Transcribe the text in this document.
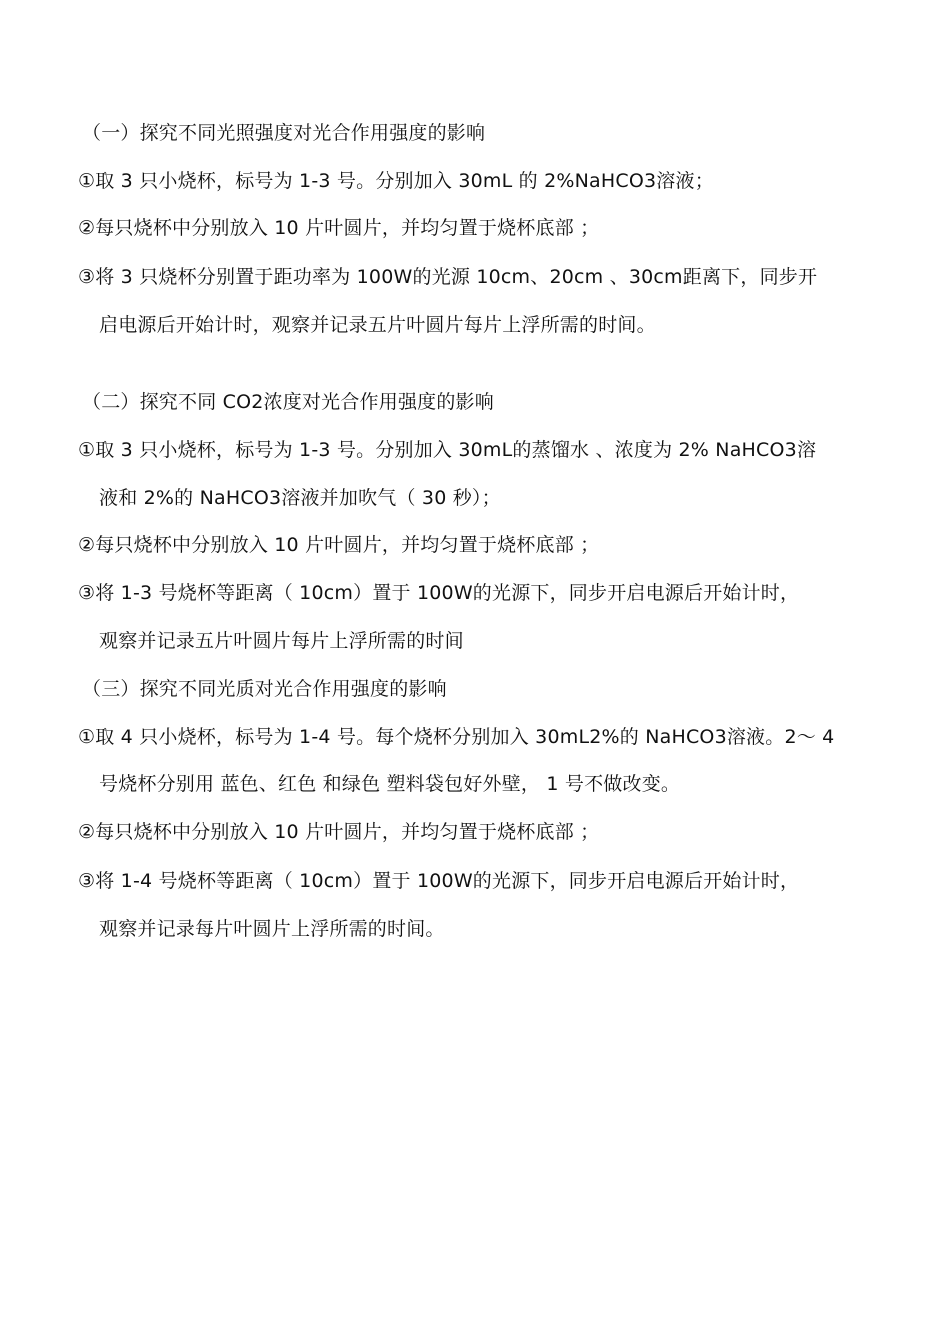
（一）探究不同光照强度对光合作用强度的影响
①取 3 只小烧杯，标号为 1-3 号。分别加入 30mL 的 2%NaHCO3溶液；
②每只烧杯中分别放入 10 片叶圆片，并均匀置于烧杯底部 ；
③将 3 只烧杯分别置于距功率为 100W的光源 10cm、20cm 、30cm距离下，同步开
启电源后开始计时，观察并记录五片叶圆片每片上浮所需的时间。
（二）探究不同 CO2浓度对光合作用强度的影响
①取 3 只小烧杯，标号为 1-3 号。分别加入 30mL的蒸馏水 、浓度为 2% NaHCO3溶
液和 2%的 NaHCO3溶液并加吹气（ 30 秒）；
②每只烧杯中分别放入 10 片叶圆片，并均匀置于烧杯底部 ；
③将 1-3 号烧杯等距离（ 10cm）置于 100W的光源下，同步开启电源后开始计时，
观察并记录五片叶圆片每片上浮所需的时间
（三）探究不同光质对光合作用强度的影响
①取 4 只小烧杯，标号为 1-4 号。每个烧杯分别加入 30mL2%的 NaHCO3溶液。2～ 4
号烧杯分别用 蓝色、红色 和绿色 塑料袋包好外壁， 1 号不做改变。
②每只烧杯中分别放入 10 片叶圆片，并均匀置于烧杯底部 ；
③将 1-4 号烧杯等距离（ 10cm）置于 100W的光源下，同步开启电源后开始计时，
观察并记录每片叶圆片上浮所需的时间。
